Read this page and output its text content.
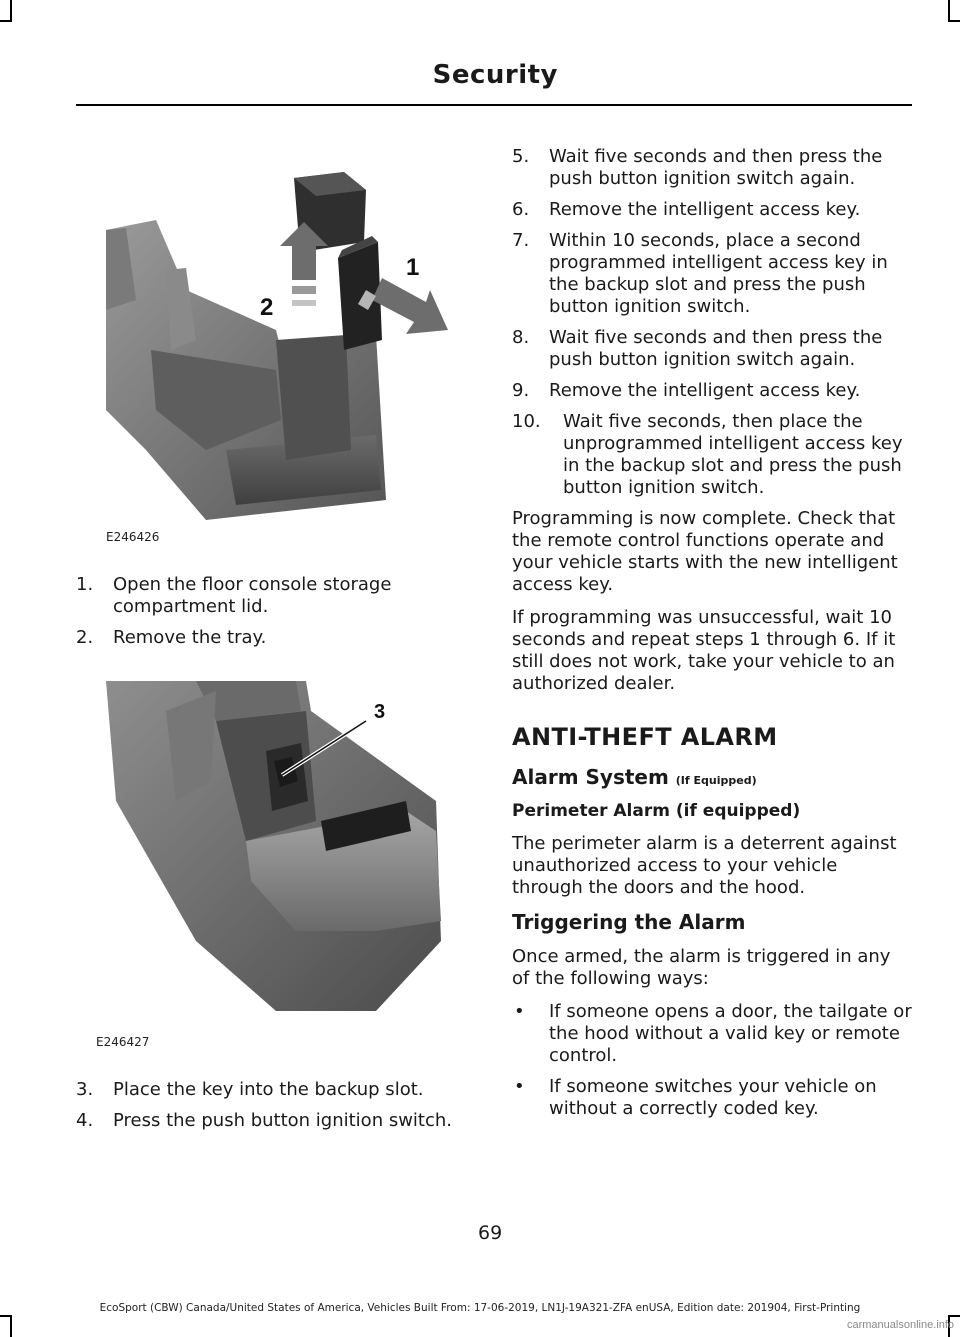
Security
1
2
E246426
1. Open the floor console storage compartment lid.
2. Remove the tray.
3
E246427
3. Place the key into the backup slot.
4. Press the push button ignition switch.
5. Wait five seconds and then press the push button ignition switch again.
6. Remove the intelligent access key.
7. Within 10 seconds, place a second programmed intelligent access key in the backup slot and press the push button ignition switch.
8. Wait five seconds and then press the push button ignition switch again.
9. Remove the intelligent access key.
10. Wait five seconds, then place the unprogrammed intelligent access key in the backup slot and press the push button ignition switch.

Programming is now complete. Check that the remote control functions operate and your vehicle starts with the new intelligent access key.

If programming was unsuccessful, wait 10 seconds and repeat steps 1 through 6. If it still does not work, take your vehicle to an authorized dealer.

ANTI-THEFT ALARM
Alarm System (If Equipped)
Perimeter Alarm (if equipped)

The perimeter alarm is a deterrent against unauthorized access to your vehicle through the doors and the hood.

Triggering the Alarm

Once armed, the alarm is triggered in any of the following ways:

• If someone opens a door, the tailgate or the hood without a valid key or remote control.
• If someone switches your vehicle on without a correctly coded key.
69
EcoSport (CBW) Canada/United States of America, Vehicles Built From: 17-06-2019, LN1J-19A321-ZFA enUSA, Edition date: 201904, First-Printing
carmanualsonline.info
